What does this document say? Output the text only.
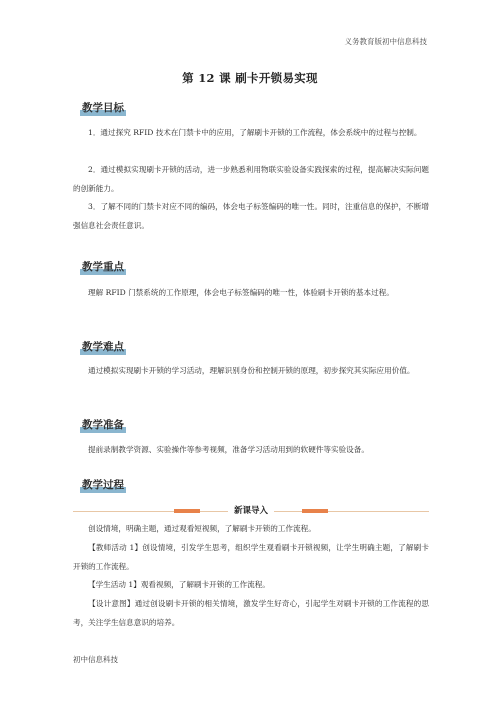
义务教育版初中信息科技
第 12 课 刷卡开锁易实现
教学目标
1．通过探究 RFID 技术在门禁卡中的应用，了解刷卡开锁的工作流程，体会系统中的过程与控制。
2．通过模拟实现刷卡开锁的活动，进一步熟悉利用物联实验设备实践探索的过程，提高解决实际问题的创新能力。
3．了解不同的门禁卡对应不同的编码，体会电子标签编码的唯一性。同时，注重信息的保护，不断增强信息社会责任意识。
教学重点
理解 RFID 门禁系统的工作原理，体会电子标签编码的唯一性，体验刷卡开锁的基本过程。
教学难点
通过模拟实现刷卡开锁的学习活动，理解识别身份和控制开锁的原理，初步探究其实际应用价值。
教学准备
提前录制教学资源、实验操作等参考视频，准备学习活动用到的软硬件等实验设备。
教学过程
新课导入
创设情境，明确主题，通过观看短视频，了解刷卡开锁的工作流程。
【教师活动 1】创设情境，引发学生思考，组织学生观看刷卡开锁视频，让学生明确主题，了解刷卡开锁的工作流程。
【学生活动 1】观看视频，了解刷卡开锁的工作流程。
【设计意图】通过创设刷卡开锁的相关情境，激发学生好奇心，引起学生对刷卡开锁的工作流程的思考，关注学生信息意识的培养。
初中信息科技
